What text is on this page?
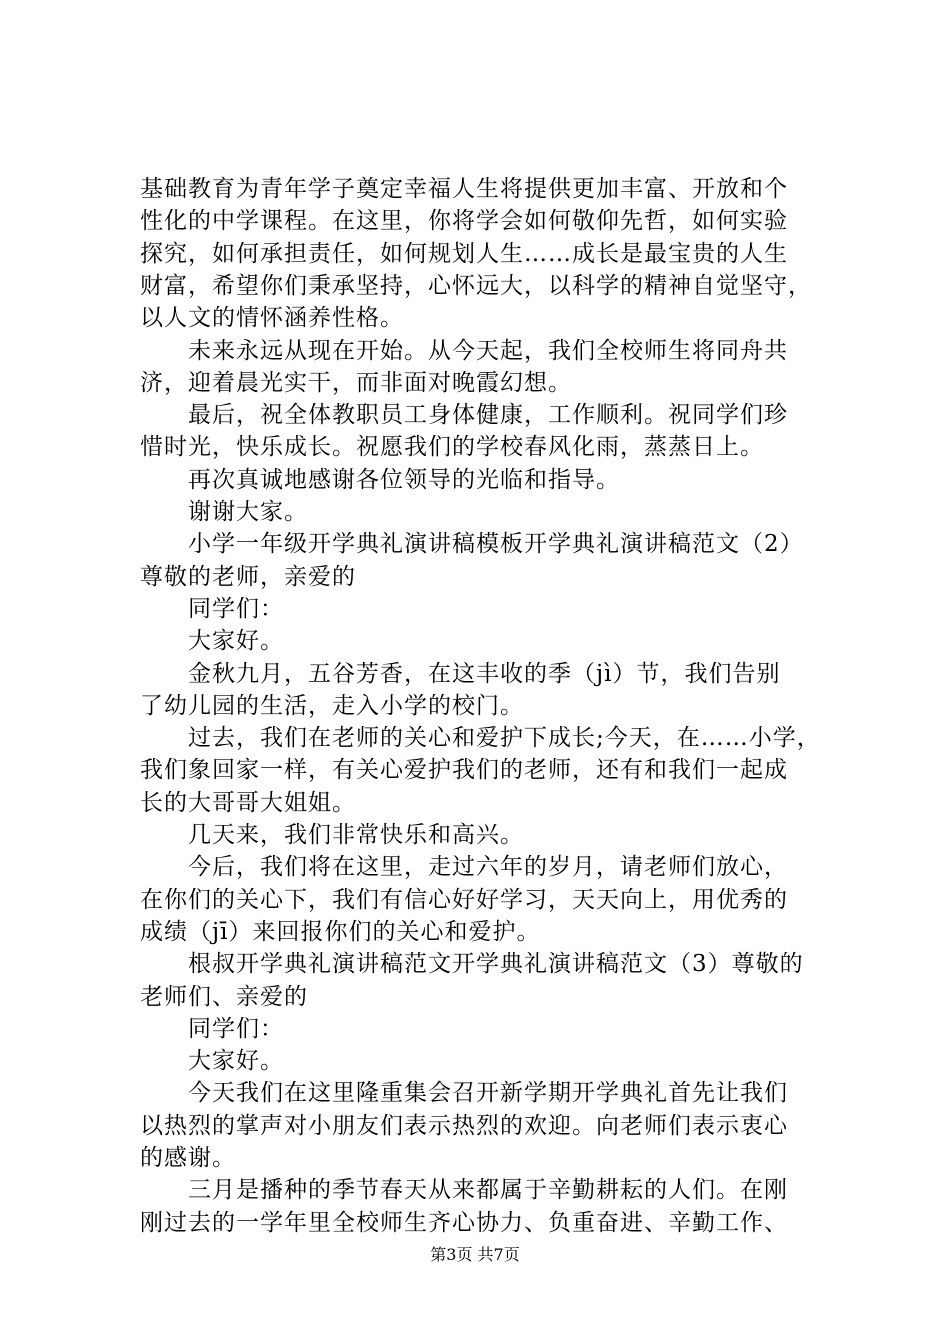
基础教育为青年学子奠定幸福人生将提供更加丰富、开放和个
性化的中学课程。在这里，你将学会如何敬仰先哲，如何实验
探究，如何承担责任，如何规划人生……成长是最宝贵的人生
财富，希望你们秉承坚持，心怀远大，以科学的精神自觉坚守，
以人文的情怀涵养性格。
　　未来永远从现在开始。从今天起，我们全校师生将同舟共
济，迎着晨光实干，而非面对晚霞幻想。
　　最后，祝全体教职员工身体健康，工作顺利。祝同学们珍
惜时光，快乐成长。祝愿我们的学校春风化雨，蒸蒸日上。
　　再次真诚地感谢各位领导的光临和指导。
　　谢谢大家。
　　小学一年级开学典礼演讲稿模板开学典礼演讲稿范文（2）
尊敬的老师，亲爱的
　　同学们：
　　大家好。
　　金秋九月，五谷芳香，在这丰收的季（jì）节，我们告别
了幼儿园的生活，走入小学的校门。
　　过去，我们在老师的关心和爱护下成长;今天，在……小学，
我们象回家一样，有关心爱护我们的老师，还有和我们一起成
长的大哥哥大姐姐。
　　几天来，我们非常快乐和高兴。
　　今后，我们将在这里，走过六年的岁月，请老师们放心，
在你们的关心下，我们有信心好好学习，天天向上，用优秀的
成绩（jī）来回报你们的关心和爱护。
　　根叔开学典礼演讲稿范文开学典礼演讲稿范文（3）尊敬的
老师们、亲爱的
　　同学们：
　　大家好。
　　今天我们在这里隆重集会召开新学期开学典礼首先让我们
以热烈的掌声对小朋友们表示热烈的欢迎。向老师们表示衷心
的感谢。
　　三月是播种的季节春天从来都属于辛勤耕耘的人们。在刚
刚过去的一学年里全校师生齐心协力、负重奋进、辛勤工作、
第3页 共7页
